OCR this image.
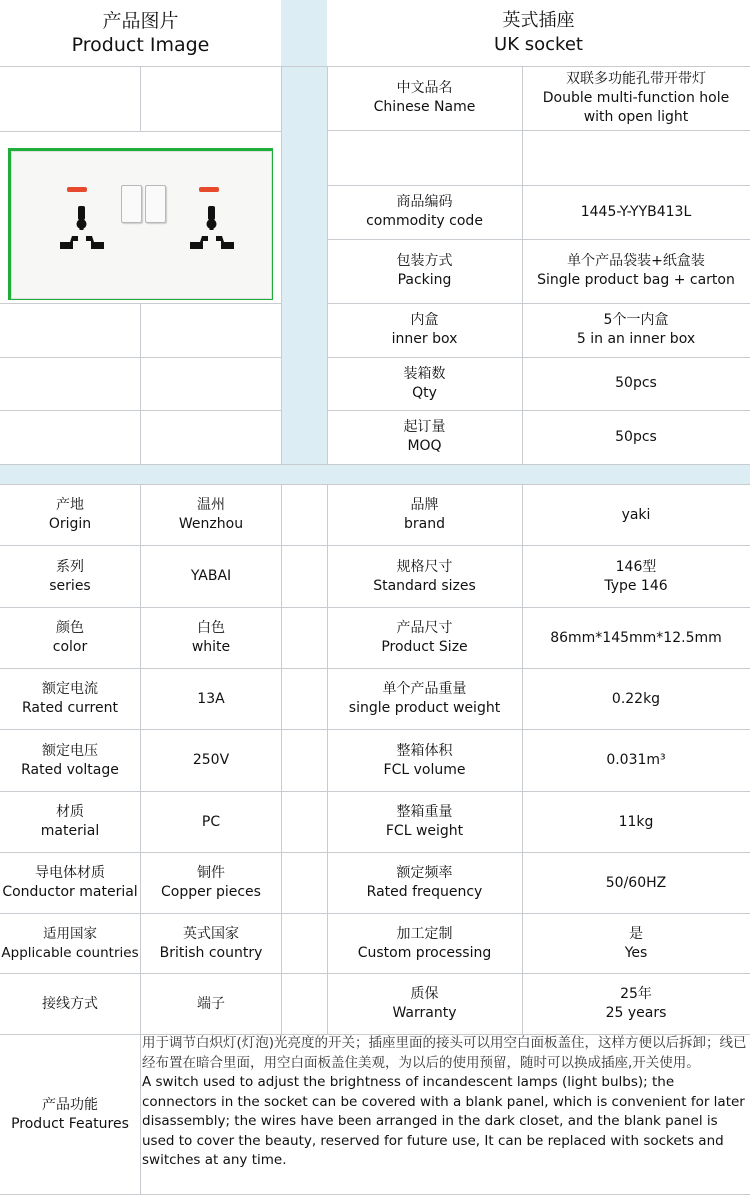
产品图片
Product Image
英式插座
UK socket
中文品名
Chinese Name
双联多功能孔带开带灯
Double multi-function hole with open light
商品编码
commodity code
1445-Y-YYB413L
包装方式
Packing
单个产品袋装+纸盒装
Single product bag + carton
内盒
inner box
5个一内盒
5 in an inner box
装箱数
Qty
50pcs
起订量
MOQ
50pcs
产地
Origin
温州
Wenzhou
品牌
brand
yaki
系列
series
YABAI
规格尺寸
Standard sizes
146型
Type 146
颜色
color
白色
white
产品尺寸
Product Size
86mm*145mm*12.5mm
额定电流
Rated current
13A
单个产品重量
single product weight
0.22kg
额定电压
Rated voltage
250V
整箱体积
FCL volume
0.031m³
材质
material
PC
整箱重量
FCL weight
11kg
导电体材质
Conductor material
铜件
Copper pieces
额定频率
Rated frequency
50/60HZ
适用国家
Applicable countries
英式国家
British country
加工定制
Custom processing
是
Yes
接线方式	端子
质保
Warranty
25年
25 years
产品功能
Product Features
用于调节白炽灯(灯泡)光亮度的开关；插座里面的接头可以用空白面板盖住，这样方便以后拆卸；线已经布置在暗合里面，用空白面板盖住美观，为以后的使用预留，随时可以换成插座,开关使用。
A switch used to adjust the brightness of incandescent lamps (light bulbs); the connectors in the socket can be covered with a blank panel, which is convenient for later disassembly; the wires have been arranged in the dark closet, and the blank panel is used to cover the beauty, reserved for future use, It can be replaced with sockets and switches at any time.
